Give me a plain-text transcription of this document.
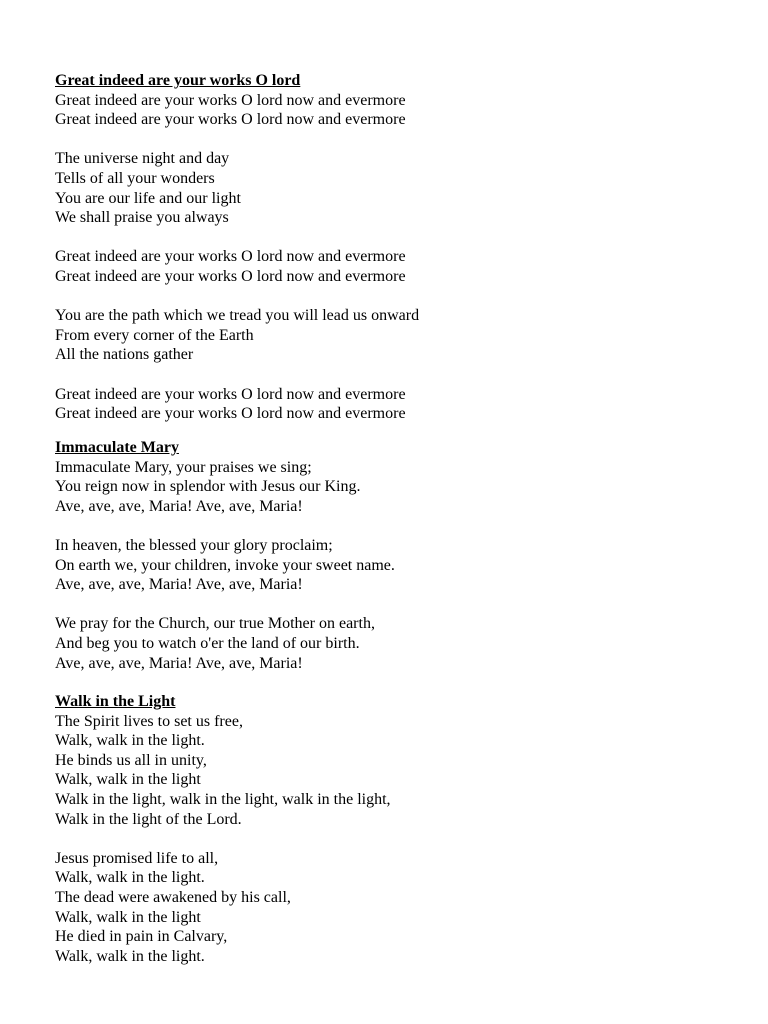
Great indeed are your works O lord
Great indeed are your works O lord now and evermore
Great indeed are your works O lord now and evermore
The universe night and day
Tells of all your wonders
You are our life and our light
We shall praise you always
Great indeed are your works O lord now and evermore
Great indeed are your works O lord now and evermore
You are the path which we tread you will lead us onward
From every corner of the Earth
All the nations gather
Great indeed are your works O lord now and evermore
Great indeed are your works O lord now and evermore
Immaculate Mary
Immaculate Mary, your praises we sing;
You reign now in splendor with Jesus our King.
Ave, ave, ave, Maria! Ave, ave, Maria!
In heaven, the blessed your glory proclaim;
On earth we, your children, invoke your sweet name.
Ave, ave, ave, Maria! Ave, ave, Maria!
We pray for the Church, our true Mother on earth,
And beg you to watch o'er the land of our birth.
Ave, ave, ave, Maria! Ave, ave, Maria!
Walk in the Light
The Spirit lives to set us free,
Walk, walk in the light.
He binds us all in unity,
Walk, walk in the light
Walk in the light, walk in the light, walk in the light,
Walk in the light of the Lord.
Jesus promised life to all,
Walk, walk in the light.
The dead were awakened by his call,
Walk, walk in the light
He died in pain in Calvary,
Walk, walk in the light.
